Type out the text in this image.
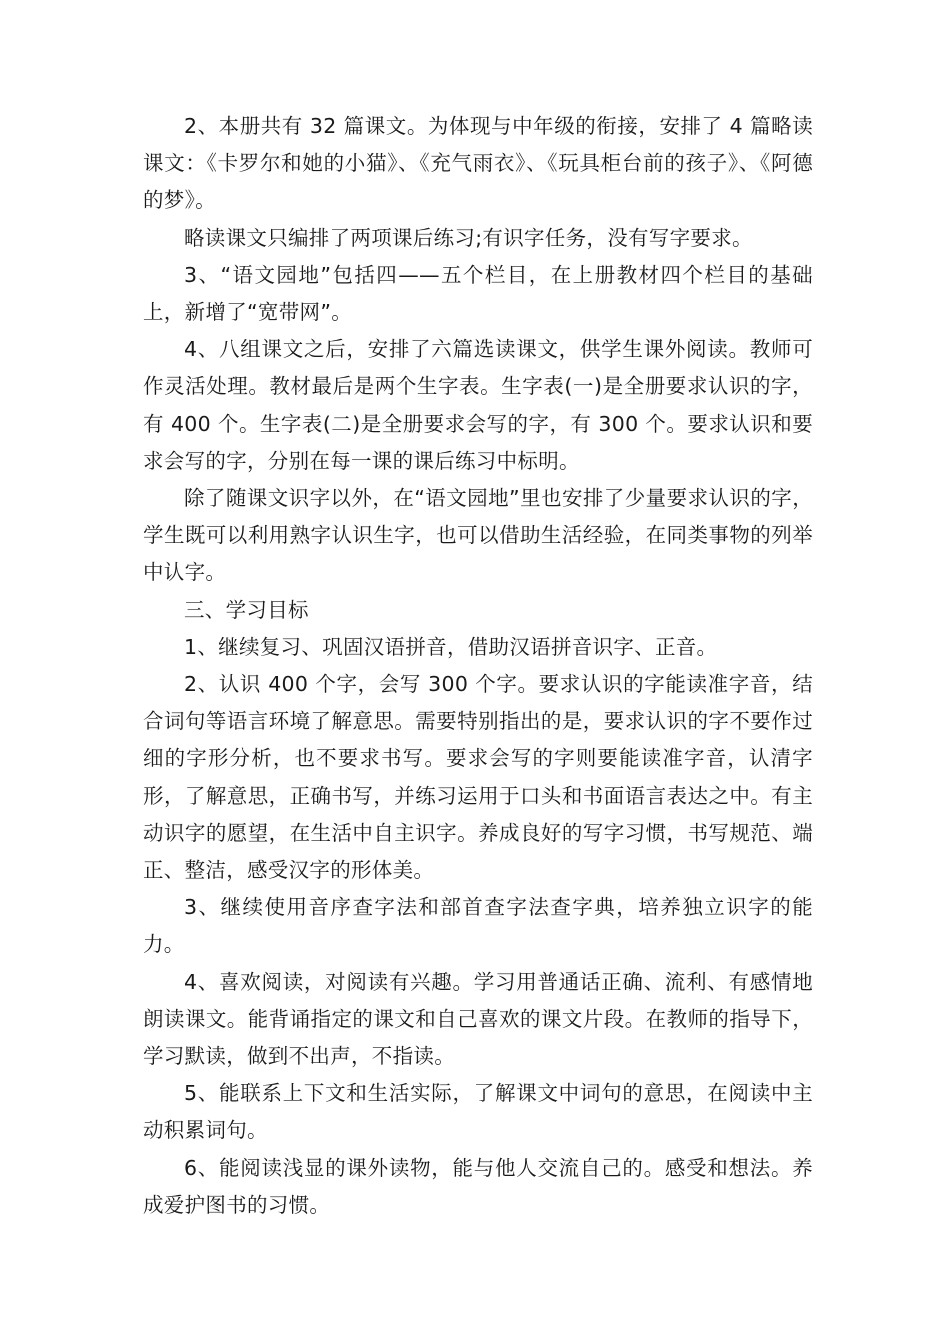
2、本册共有 32 篇课文。为体现与中年级的衔接，安排了 4 篇略读课文：《卡罗尔和她的小猫》、《充气雨衣》、《玩具柜台前的孩子》、《阿德的梦》。

略读课文只编排了两项课后练习;有识字任务，没有写字要求。

3、“语文园地”包括四——五个栏目，在上册教材四个栏目的基础上，新增了“宽带网”。

4、八组课文之后，安排了六篇选读课文，供学生课外阅读。教师可作灵活处理。教材最后是两个生字表。生字表(一)是全册要求认识的字，有 400 个。生字表(二)是全册要求会写的字，有 300 个。要求认识和要求会写的字，分别在每一课的课后练习中标明。

除了随课文识字以外，在“语文园地”里也安排了少量要求认识的字，学生既可以利用熟字认识生字，也可以借助生活经验，在同类事物的列举中认字。

三、学习目标

1、继续复习、巩固汉语拼音，借助汉语拼音识字、正音。

2、认识 400 个字，会写 300 个字。要求认识的字能读准字音，结合词句等语言环境了解意思。需要特别指出的是，要求认识的字不要作过细的字形分析，也不要求书写。要求会写的字则要能读准字音，认清字形，了解意思，正确书写，并练习运用于口头和书面语言表达之中。有主动识字的愿望，在生活中自主识字。养成良好的写字习惯，书写规范、端正、整洁，感受汉字的形体美。

3、继续使用音序查字法和部首查字法查字典，培养独立识字的能力。

4、喜欢阅读，对阅读有兴趣。学习用普通话正确、流利、有感情地朗读课文。能背诵指定的课文和自己喜欢的课文片段。在教师的指导下，学习默读，做到不出声，不指读。

5、能联系上下文和生活实际，了解课文中词句的意思，在阅读中主动积累词句。

6、能阅读浅显的课外读物，能与他人交流自己的。感受和想法。养成爱护图书的习惯。
